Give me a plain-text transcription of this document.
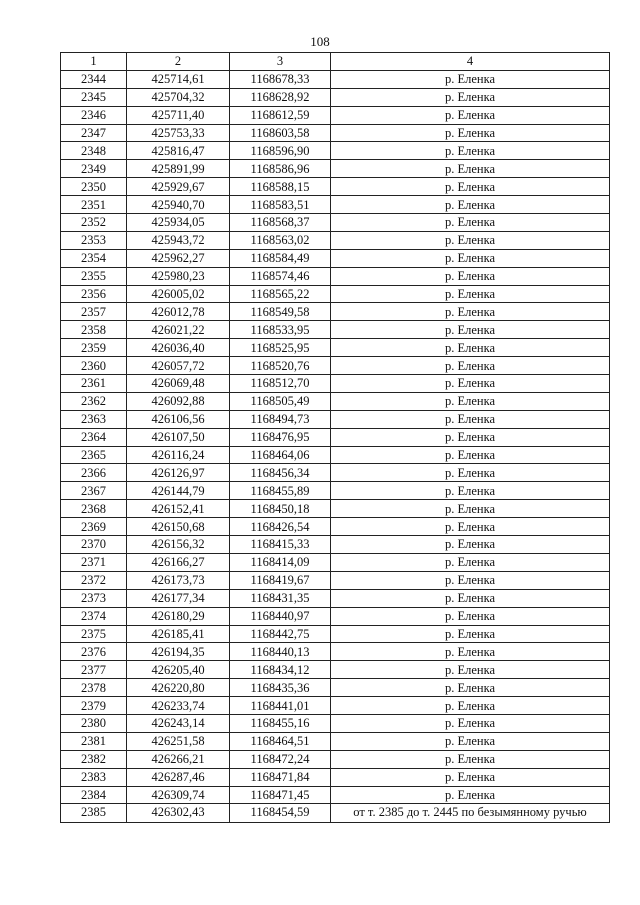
108
1	2	3	4
2344	425714,61	1168678,33	р. Еленка
2345	425704,32	1168628,92	р. Еленка
2346	425711,40	1168612,59	р. Еленка
2347	425753,33	1168603,58	р. Еленка
2348	425816,47	1168596,90	р. Еленка
2349	425891,99	1168586,96	р. Еленка
2350	425929,67	1168588,15	р. Еленка
2351	425940,70	1168583,51	р. Еленка
2352	425934,05	1168568,37	р. Еленка
2353	425943,72	1168563,02	р. Еленка
2354	425962,27	1168584,49	р. Еленка
2355	425980,23	1168574,46	р. Еленка
2356	426005,02	1168565,22	р. Еленка
2357	426012,78	1168549,58	р. Еленка
2358	426021,22	1168533,95	р. Еленка
2359	426036,40	1168525,95	р. Еленка
2360	426057,72	1168520,76	р. Еленка
2361	426069,48	1168512,70	р. Еленка
2362	426092,88	1168505,49	р. Еленка
2363	426106,56	1168494,73	р. Еленка
2364	426107,50	1168476,95	р. Еленка
2365	426116,24	1168464,06	р. Еленка
2366	426126,97	1168456,34	р. Еленка
2367	426144,79	1168455,89	р. Еленка
2368	426152,41	1168450,18	р. Еленка
2369	426150,68	1168426,54	р. Еленка
2370	426156,32	1168415,33	р. Еленка
2371	426166,27	1168414,09	р. Еленка
2372	426173,73	1168419,67	р. Еленка
2373	426177,34	1168431,35	р. Еленка
2374	426180,29	1168440,97	р. Еленка
2375	426185,41	1168442,75	р. Еленка
2376	426194,35	1168440,13	р. Еленка
2377	426205,40	1168434,12	р. Еленка
2378	426220,80	1168435,36	р. Еленка
2379	426233,74	1168441,01	р. Еленка
2380	426243,14	1168455,16	р. Еленка
2381	426251,58	1168464,51	р. Еленка
2382	426266,21	1168472,24	р. Еленка
2383	426287,46	1168471,84	р. Еленка
2384	426309,74	1168471,45	р. Еленка
2385	426302,43	1168454,59	от т. 2385 до т. 2445 по безымянному ручью
